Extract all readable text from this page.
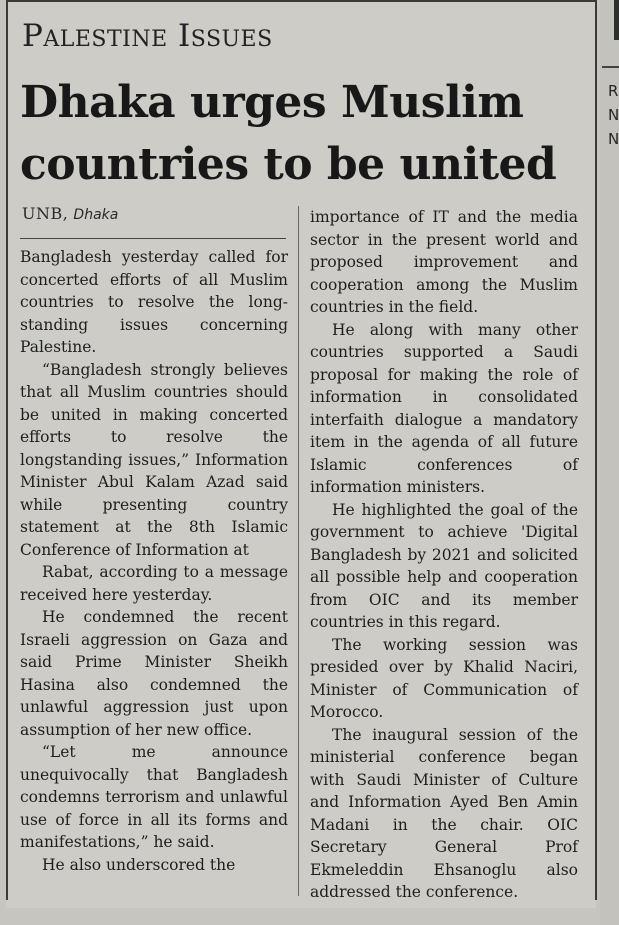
R
N
N
Palestine Issues
Dhaka urges Muslim
countries to be united
UNB, Dhaka

Bangladesh yesterday called for concerted efforts of all Muslim countries to resolve the long-standing issues concerning Palestine.

“Bangladesh strongly believes that all Muslim countries should be united in making concerted efforts to resolve the longstanding issues,” Information Minister Abul Kalam Azad said while presenting country statement at the 8th Islamic Conference of Information at

Rabat, according to a message received here yesterday.

He condemned the recent Israeli aggression on Gaza and said Prime Minister Sheikh Hasina also condemned the unlawful aggression just upon assumption of her new office.

“Let me announce unequivocally that Bangladesh condemns terrorism and unlawful use of force in all its forms and manifestations,” he said.

He also underscored the

importance of IT and the media sector in the present world and proposed improvement and cooperation among the Muslim countries in the field.

He along with many other countries supported a Saudi proposal for making the role of information in consolidated interfaith dialogue a mandatory item in the agenda of all future Islamic conferences of information ministers.

He highlighted the goal of the government to achieve 'Digital Bangladesh by 2021 and solicited all possible help and cooperation from OIC and its member countries in this regard.

The working session was presided over by Khalid Naciri, Minister of Communication of Morocco.

The inaugural session of the ministerial conference began with Saudi Minister of Culture and Information Ayed Ben Amin Madani in the chair. OIC Secretary General Prof Ekmeleddin Ehsanoglu also addressed the conference.
